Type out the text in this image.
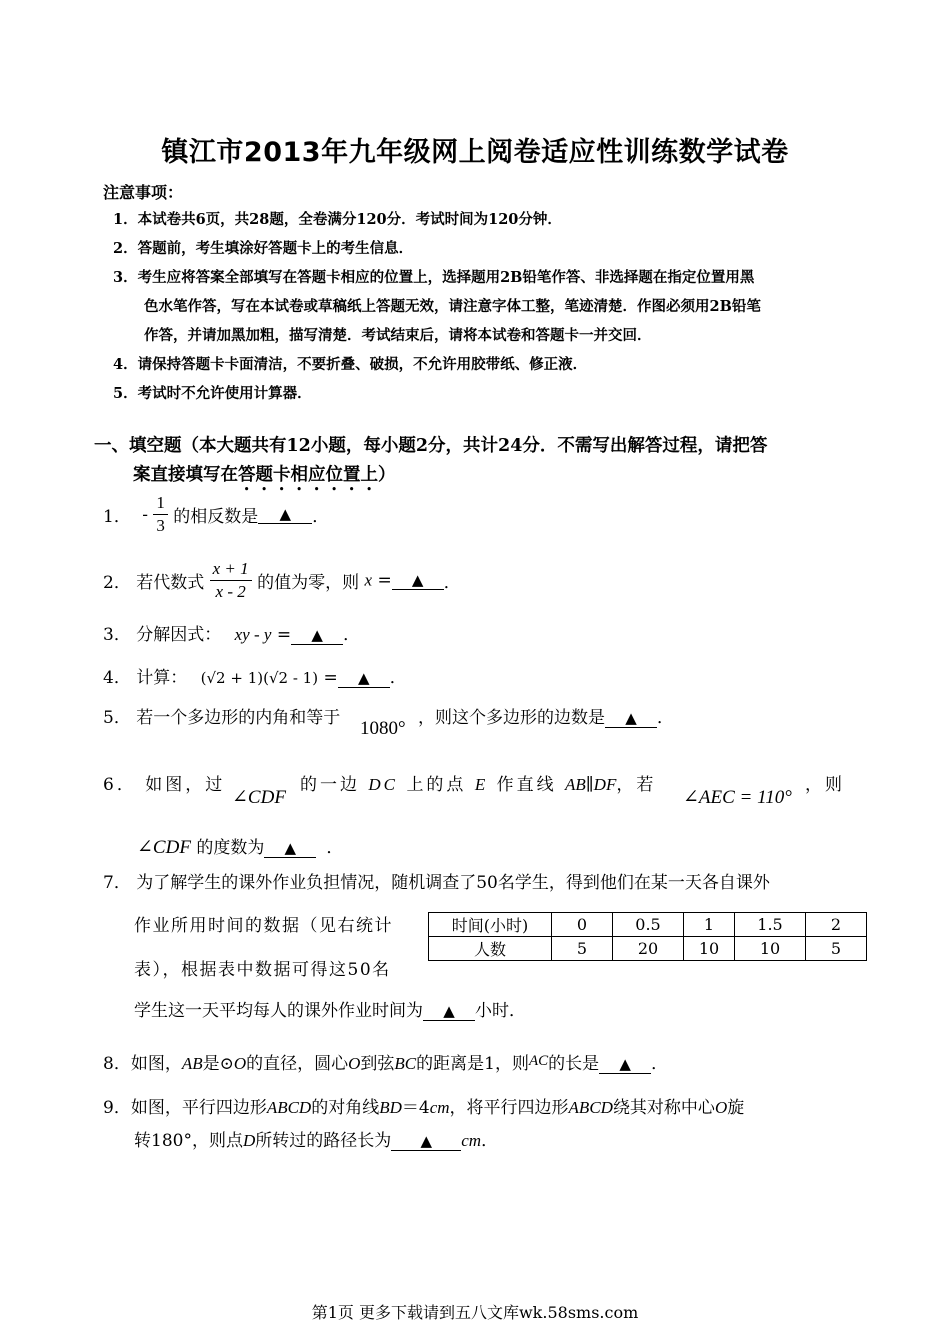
镇江市2013年九年级网上阅卷适应性训练数学试卷
注意事项：
1．本试卷共6页，共28题，全卷满分120分．考试时间为120分钟．
2．答题前，考生填涂好答题卡上的考生信息．
3．考生应将答案全部填写在答题卡相应的位置上，选择题用2B铅笔作答、非选择题在指定位置用黑
色水笔作答，写在本试卷或草稿纸上答题无效，请注意字体工整，笔迹清楚．作图必须用2B铅笔
作答，并请加黑加粗，描写清楚．考试结束后，请将本试卷和答题卡一并交回．
4．请保持答题卡卡面清洁，不要折叠、破损，不允许用胶带纸、修正液．
5．考试时不允许使用计算器．
一、填空题（本大题共有12小题，每小题2分，共计24分．不需写出解答过程，请把答
案直接填写在答题卡相应位置上）
1． - $\frac{1}{3}$ 的相反数是 ▲ ．
2． 若代数式 $\frac{x + 1}{x - 2}$ 的值为零，则 x = ▲ ．
3． 分解因式： xy - y = ▲ ．
4． 计算： (√2 + 1)(√2 - 1) = ▲ ．
5． 若一个多边形的内角和等于 1080° ，则这个多边形的边数是 ▲ ．
6． 如图，过
∠CDF
的一边 DC 上的点 E 作直线 AB∥DF，若
∠AEC = 110°
，则
∠CDF 的度数为 ▲ ．
7． 为了解学生的课外作业负担情况，随机调查了50名学生，得到他们在某一天各自课外
作业所用时间的数据（见右统计
表），根据表中数据可得这50名
学生这一天平均每人的课外作业时间为 ▲ 小时．
时间(小时)	0	0.5	1	1.5	2
人数	5	20	10	10	5
8．如图，AB是⊙O的直径，圆心O到弦BC的距离是1，则AC的长是 ▲ ．
9．如图，平行四边形ABCD的对角线BD＝4cm，将平行四边形ABCD绕其对称中心O旋
转180°，则点D所转过的路径长为 ▲ cm．
第1页 更多下载请到五八文库wk.58sms.com
